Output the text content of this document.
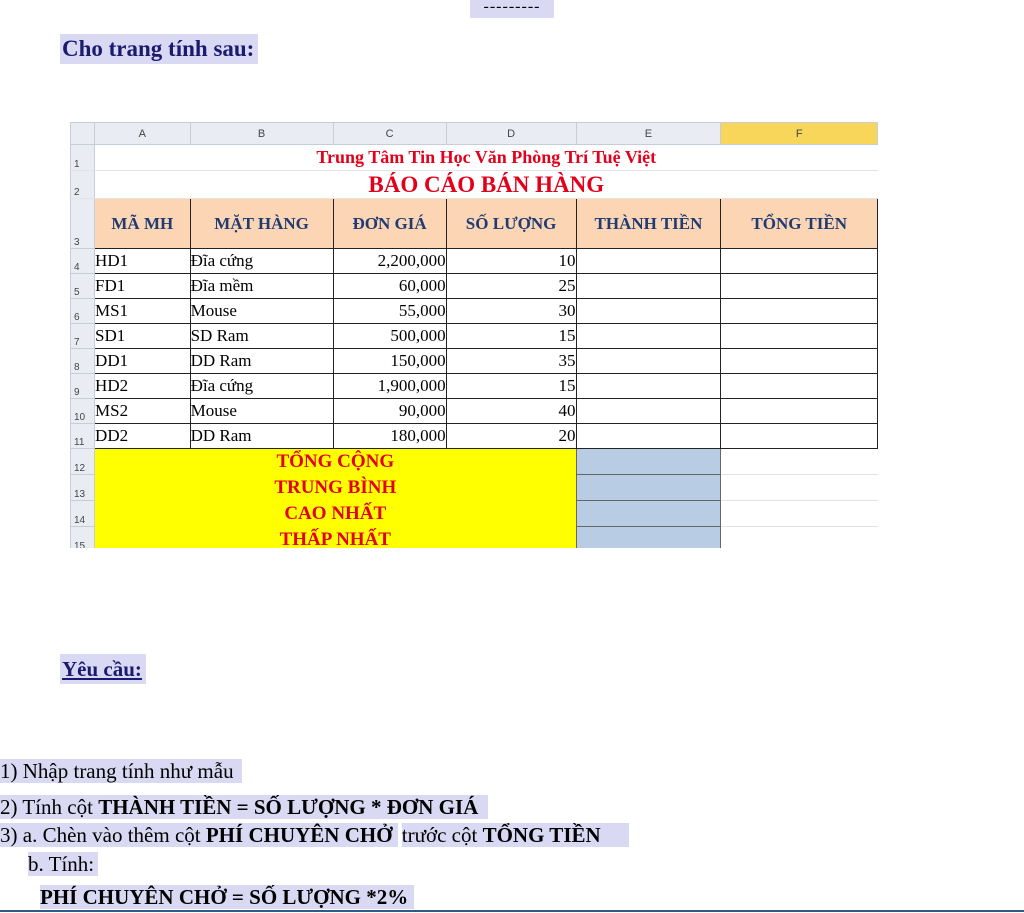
---------
Cho trang tính sau:
	A	B	C	D	E	F
1	Trung Tâm Tin Học Văn Phòng Trí Tuệ Việt					
2	BÁO CÁO BÁN HÀNG					
3	MÃ MH	MẶT HÀNG	ĐƠN GIÁ	SỐ LƯỢNG	THÀNH TIỀN	TỔNG TIỀN
4	HD1	Đĩa cứng	2,200,000	10		
5	FD1	Đĩa mềm	60,000	25		
6	MS1	Mouse	55,000	30		
7	SD1	SD Ram	500,000	15		
8	DD1	DD Ram	150,000	35		
9	HD2	Đĩa cứng	1,900,000	15		
10	MS2	Mouse	90,000	40		
11	DD2	DD Ram	180,000	20		
12	TỔNG CỘNG					
13	TRUNG BÌNH					
14	CAO NHẤT					
15	THẤP NHẤT					
Yêu cầu:
1) Nhập trang tính như mẫu
2) Tính cột THÀNH TIỀN = SỐ LƯỢNG * ĐƠN GIÁ
3) a. Chèn vào thêm cột PHÍ CHUYÊN CHỞ trước cột TỔNG TIỀN
b. Tính:
PHÍ CHUYÊN CHỞ = SỐ LƯỢNG *2%
